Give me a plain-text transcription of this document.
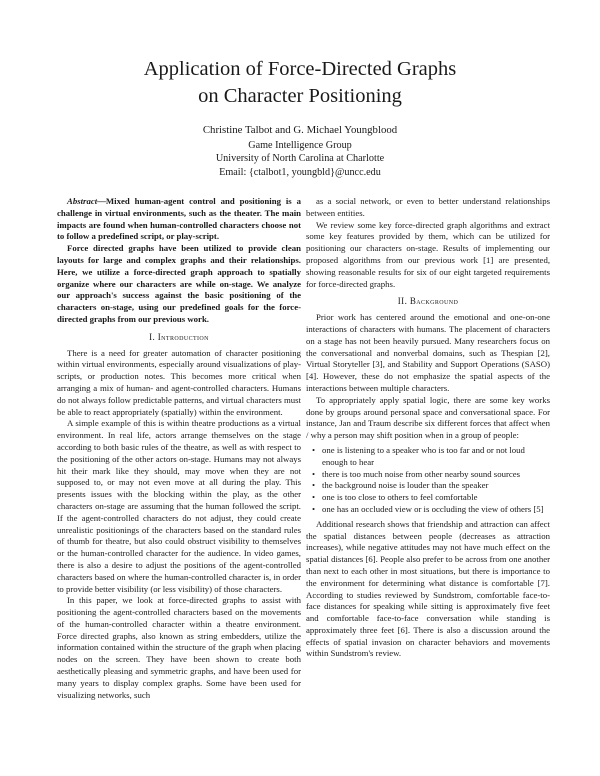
Application of Force-Directed Graphs
on Character Positioning
Christine Talbot and G. Michael Youngblood
Game Intelligence Group
University of North Carolina at Charlotte
Email: {ctalbot1, youngbld}@uncc.edu

Abstract—Mixed human-agent control and positioning is a challenge in virtual environments, such as the theater. The main impacts are found when human-controlled characters choose not to follow a predefined script, or play-script.

Force directed graphs have been utilized to provide clean layouts for large and complex graphs and their relationships. Here, we utilize a force-directed graph approach to spatially organize where our characters are while on-stage. We analyze our approach's success against the basic positioning of the characters on-stage, using our predefined goals for the force-directed graphs from our previous work.

I. Introduction

There is a need for greater automation of character positioning within virtual environments, especially around visualizations of play-scripts, or production notes. This becomes more critical when arranging a mix of human- and agent-controlled characters. Humans do not always follow predictable patterns, and virtual characters must be able to react appropriately (spatially) within the environment.

A simple example of this is within theatre productions as a virtual environment. In real life, actors arrange themselves on the stage according to both basic rules of the theatre, as well as with respect to the positioning of the other actors on-stage. Humans may not always hit their mark like they should, may move when they are not supposed to, or may not even move at all during the play. This presents issues with the blocking within the play, as the other characters on-stage are assuming that the human followed the script. If the agent-controlled characters do not adjust, they could create unrealistic positionings of the characters based on the standard rules of thumb for theatre, but also could obstruct visibility to themselves or the human-controlled character for the audience. In video games, there is also a desire to adjust the positions of the agent-controlled characters based on where the human-controlled character is, in order to provide better visibility (or less visibility) of those characters.

In this paper, we look at force-directed graphs to assist with positioning the agent-controlled characters based on the movements of the human-controlled character within a theatre environment. Force directed graphs, also known as string embedders, utilize the information contained within the structure of the graph when placing nodes on the screen. They have been shown to create both aesthetically pleasing and symmetric graphs, and have been used for many years to display complex graphs. Some have been used for visualizing networks, such

as a social network, or even to better understand relationships between entities.

We review some key force-directed graph algorithms and extract some key features provided by them, which can be utilized for positioning our characters on-stage. Results of implementing our proposed algorithms from our previous work [1] are presented, showing reasonable results for six of our eight targeted requirements for force-directed graphs.

II. Background

Prior work has centered around the emotional and one-on-one interactions of characters with humans. The placement of characters on a stage has not been heavily pursued. Many researchers focus on the conversational and nonverbal domains, such as Thespian [2], Virtual Storyteller [3], and Stability and Support Operations (SASO) [4]. However, these do not emphasize the spatial aspects of the interactions between multiple characters.

To appropriately apply spatial logic, there are some key works done by groups around personal space and conversational space. For instance, Jan and Traum describe six different forces that affect when / why a person may shift position when in a group of people:

• one is listening to a speaker who is too far and or not loud enough to hear
• there is too much noise from other nearby sound sources
• the background noise is louder than the speaker
• one is too close to others to feel comfortable
• one has an occluded view or is occluding the view of others [5]

Additional research shows that friendship and attraction can affect the spatial distances between people (decreases as attraction increases), while negative attitudes may not have much effect on the spatial distances [6]. People also prefer to be across from one another than next to each other in most situations, but there is importance to the environment for determining what distance is comfortable [7]. According to studies reviewed by Sundstrom, comfortable face-to-face distances for speaking while sitting is approximately five feet and comfortable face-to-face conversation while standing is approximately three feet [6]. There is also a discussion around the effects of spatial invasion on character behaviors and movements within Sundstrom's review.
